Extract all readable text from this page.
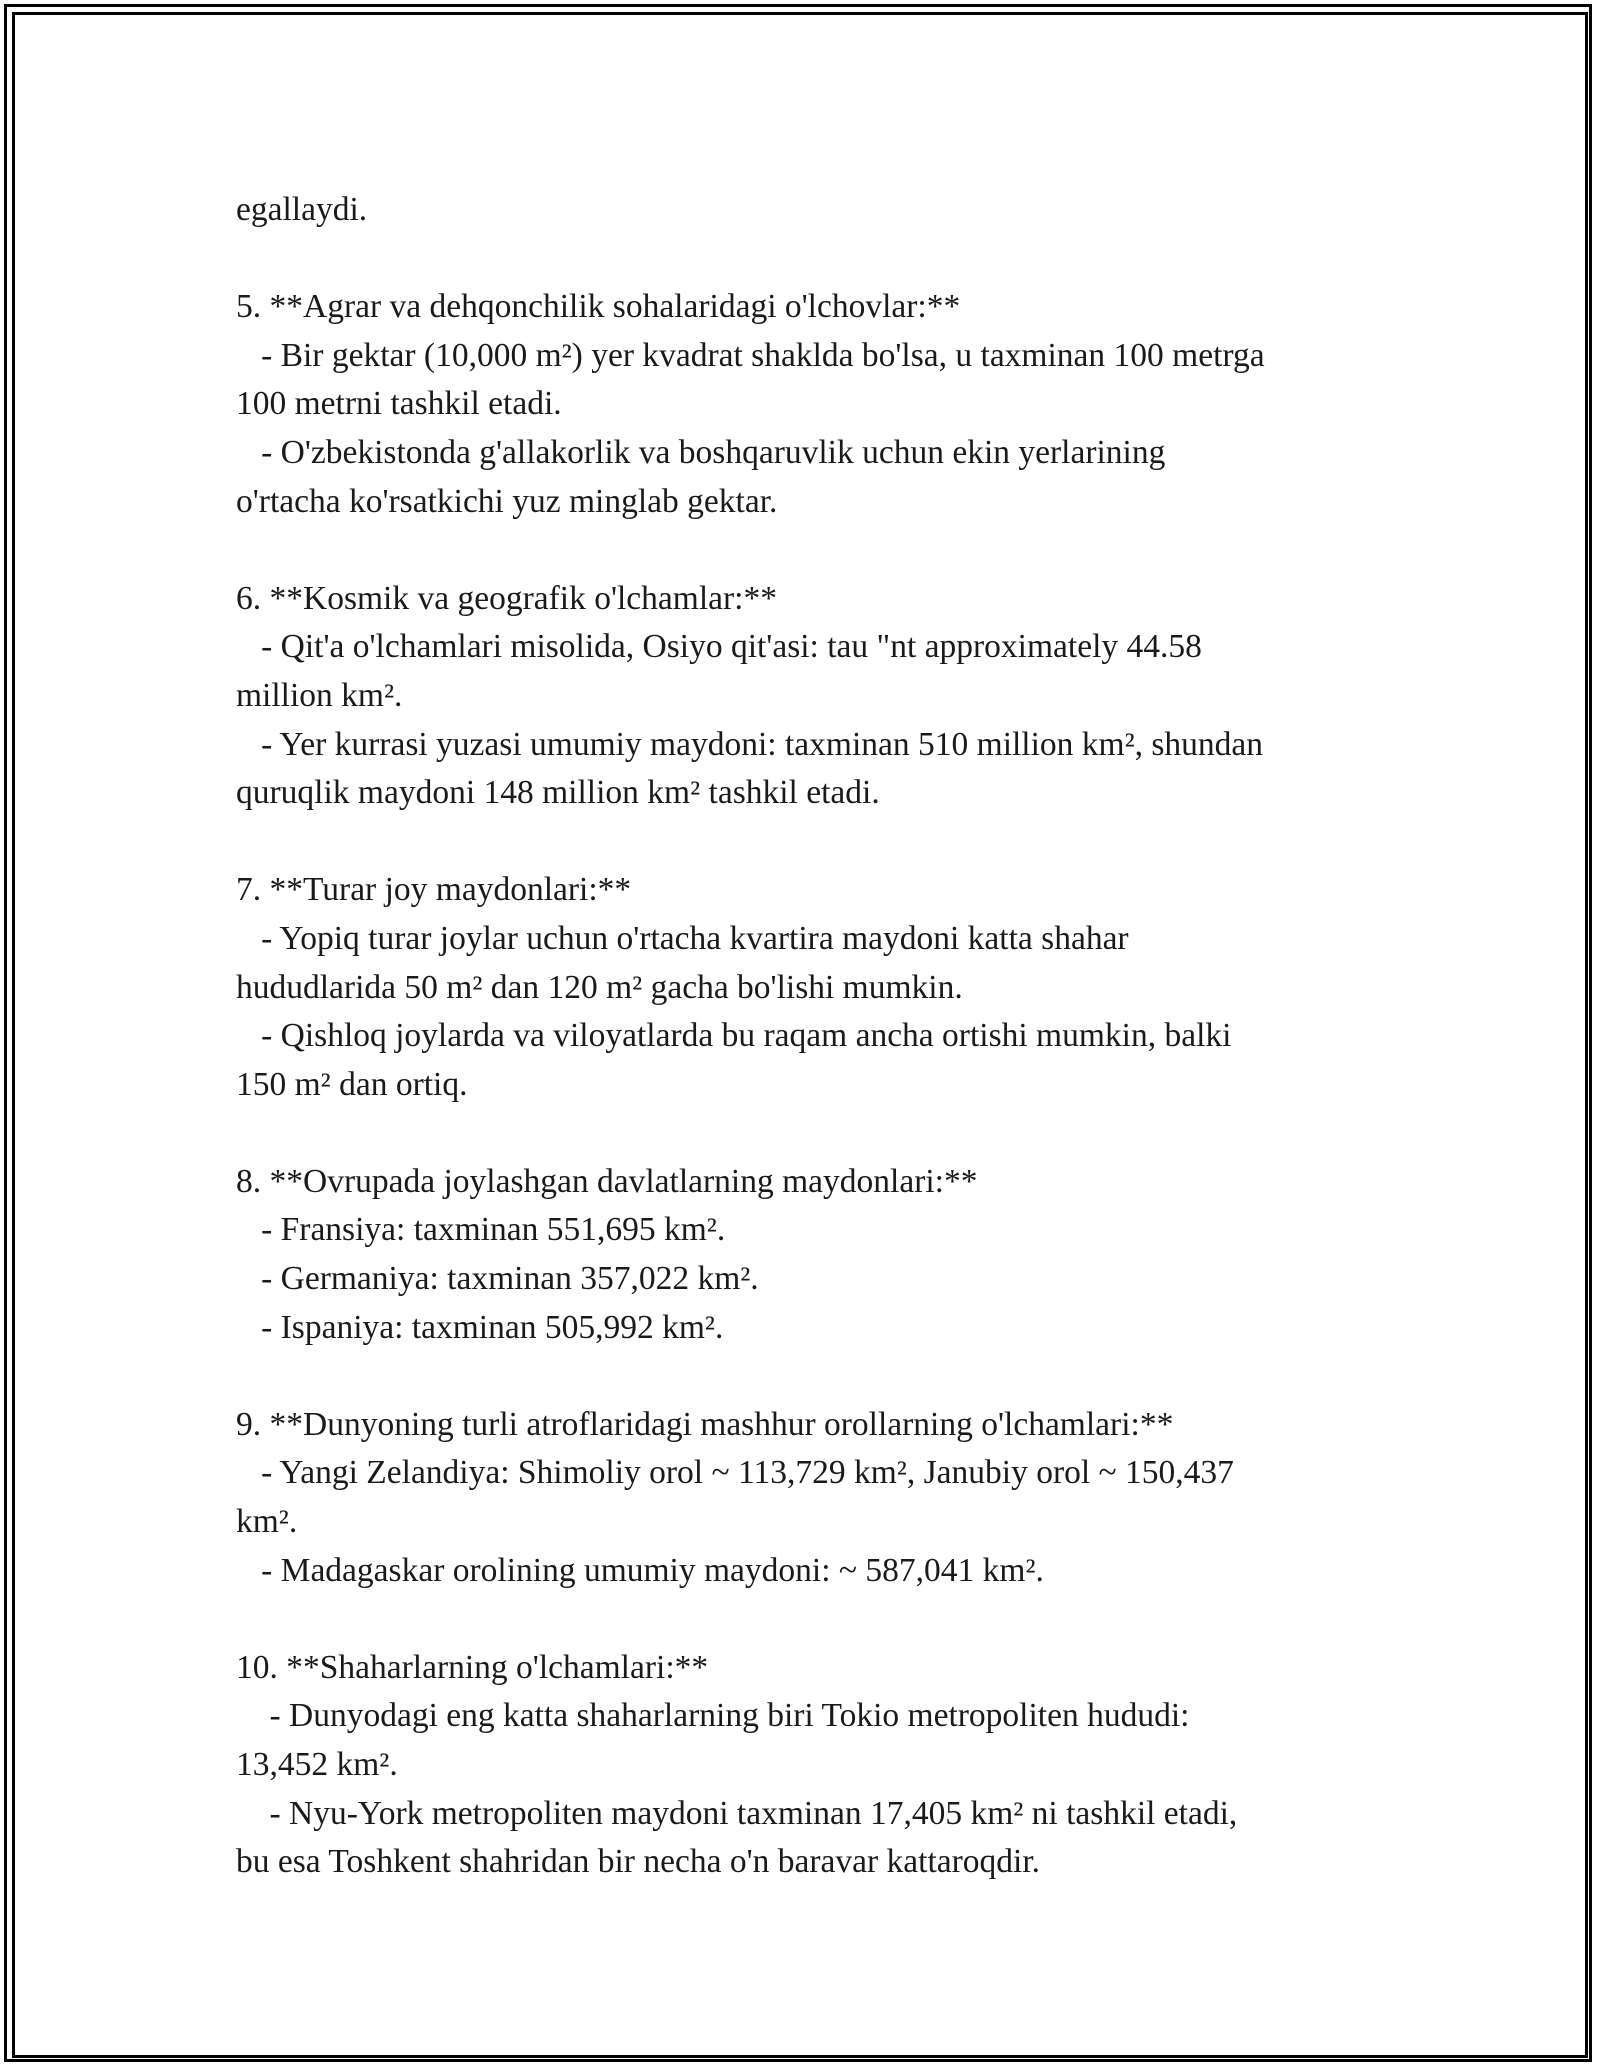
egallaydi.

5. **Agrar va dehqonchilik sohalaridagi o'lchovlar:**
- Bir gektar (10,000 m²) yer kvadrat shaklda bo'lsa, u taxminan 100 metrga
100 metrni tashkil etadi.
- O'zbekistonda g'allakorlik va boshqaruvlik uchun ekin yerlarining
o'rtacha ko'rsatkichi yuz minglab gektar.

6. **Kosmik va geografik o'lchamlar:**
- Qit'a o'lchamlari misolida, Osiyo qit'asi: tau "nt approximately 44.58
million km².
- Yer kurrasi yuzasi umumiy maydoni: taxminan 510 million km², shundan
quruqlik maydoni 148 million km² tashkil etadi.

7. **Turar joy maydonlari:**
- Yopiq turar joylar uchun o'rtacha kvartira maydoni katta shahar
hududlarida 50 m² dan 120 m² gacha bo'lishi mumkin.
- Qishloq joylarda va viloyatlarda bu raqam ancha ortishi mumkin, balki
150 m² dan ortiq.

8. **Ovrupada joylashgan davlatlarning maydonlari:**
- Fransiya: taxminan 551,695 km².
- Germaniya: taxminan 357,022 km².
- Ispaniya: taxminan 505,992 km².

9. **Dunyoning turli atroflaridagi mashhur orollarning o'lchamlari:**
- Yangi Zelandiya: Shimoliy orol ~ 113,729 km², Janubiy orol ~ 150,437
km².
- Madagaskar orolining umumiy maydoni: ~ 587,041 km².

10. **Shaharlarning o'lchamlari:**
- Dunyodagi eng katta shaharlarning biri Tokio metropoliten hududi:
13,452 km².
- Nyu-York metropoliten maydoni taxminan 17,405 km² ni tashkil etadi,
bu esa Toshkent shahridan bir necha o'n baravar kattaroqdir.
